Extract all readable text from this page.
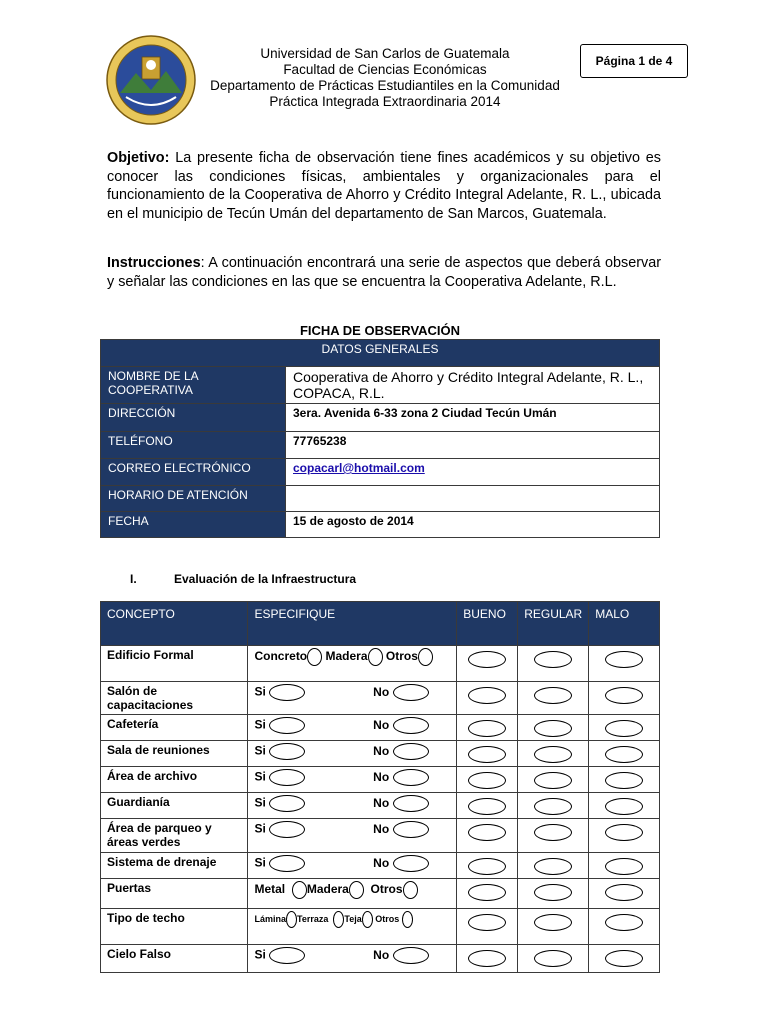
Universidad de San Carlos de Guatemala
Facultad de Ciencias Económicas
Departamento de Prácticas Estudiantiles en la Comunidad
Práctica Integrada Extraordinaria 2014
Página 1 de 4
Objetivo: La presente ficha de observación tiene fines académicos y su objetivo es conocer las condiciones físicas, ambientales y organizacionales para el funcionamiento de la Cooperativa de Ahorro y Crédito Integral Adelante, R. L., ubicada en el municipio de Tecún Umán del departamento de San Marcos, Guatemala.
Instrucciones: A continuación encontrará una serie de aspectos que deberá observar y señalar las condiciones en las que se encuentra la Cooperativa Adelante, R.L.
FICHA DE OBSERVACIÓN
DATOS GENERALES	
NOMBRE DE LA COOPERATIVA	Cooperativa de Ahorro y Crédito Integral Adelante, R. L., COPACA, R.L.
DIRECCIÓN	3era. Avenida 6-33 zona 2 Ciudad Tecún Umán
TELÉFONO	77765238
CORREO ELECTRÓNICO	copacarl@hotmail.com
HORARIO DE ATENCIÓN	
FECHA	15 de agosto de 2014
I.	Evaluación de la Infraestructura
CONCEPTO	ESPECIFIQUE	BUENO	REGULAR	MALO
Edificio Formal	Concreto Madera Otros			
Salón de capacitaciones	Si No			
Cafetería	Si No			
Sala de reuniones	Si No			
Área de archivo	Si No			
Guardianía	Si No			
Área de parqueo y áreas verdes	Si No			
Sistema de drenaje	Si No			
Puertas	Metal Madera Otros			
Tipo de techo	Lámina Terraza Teja Otros			
Cielo Falso	Si No			
